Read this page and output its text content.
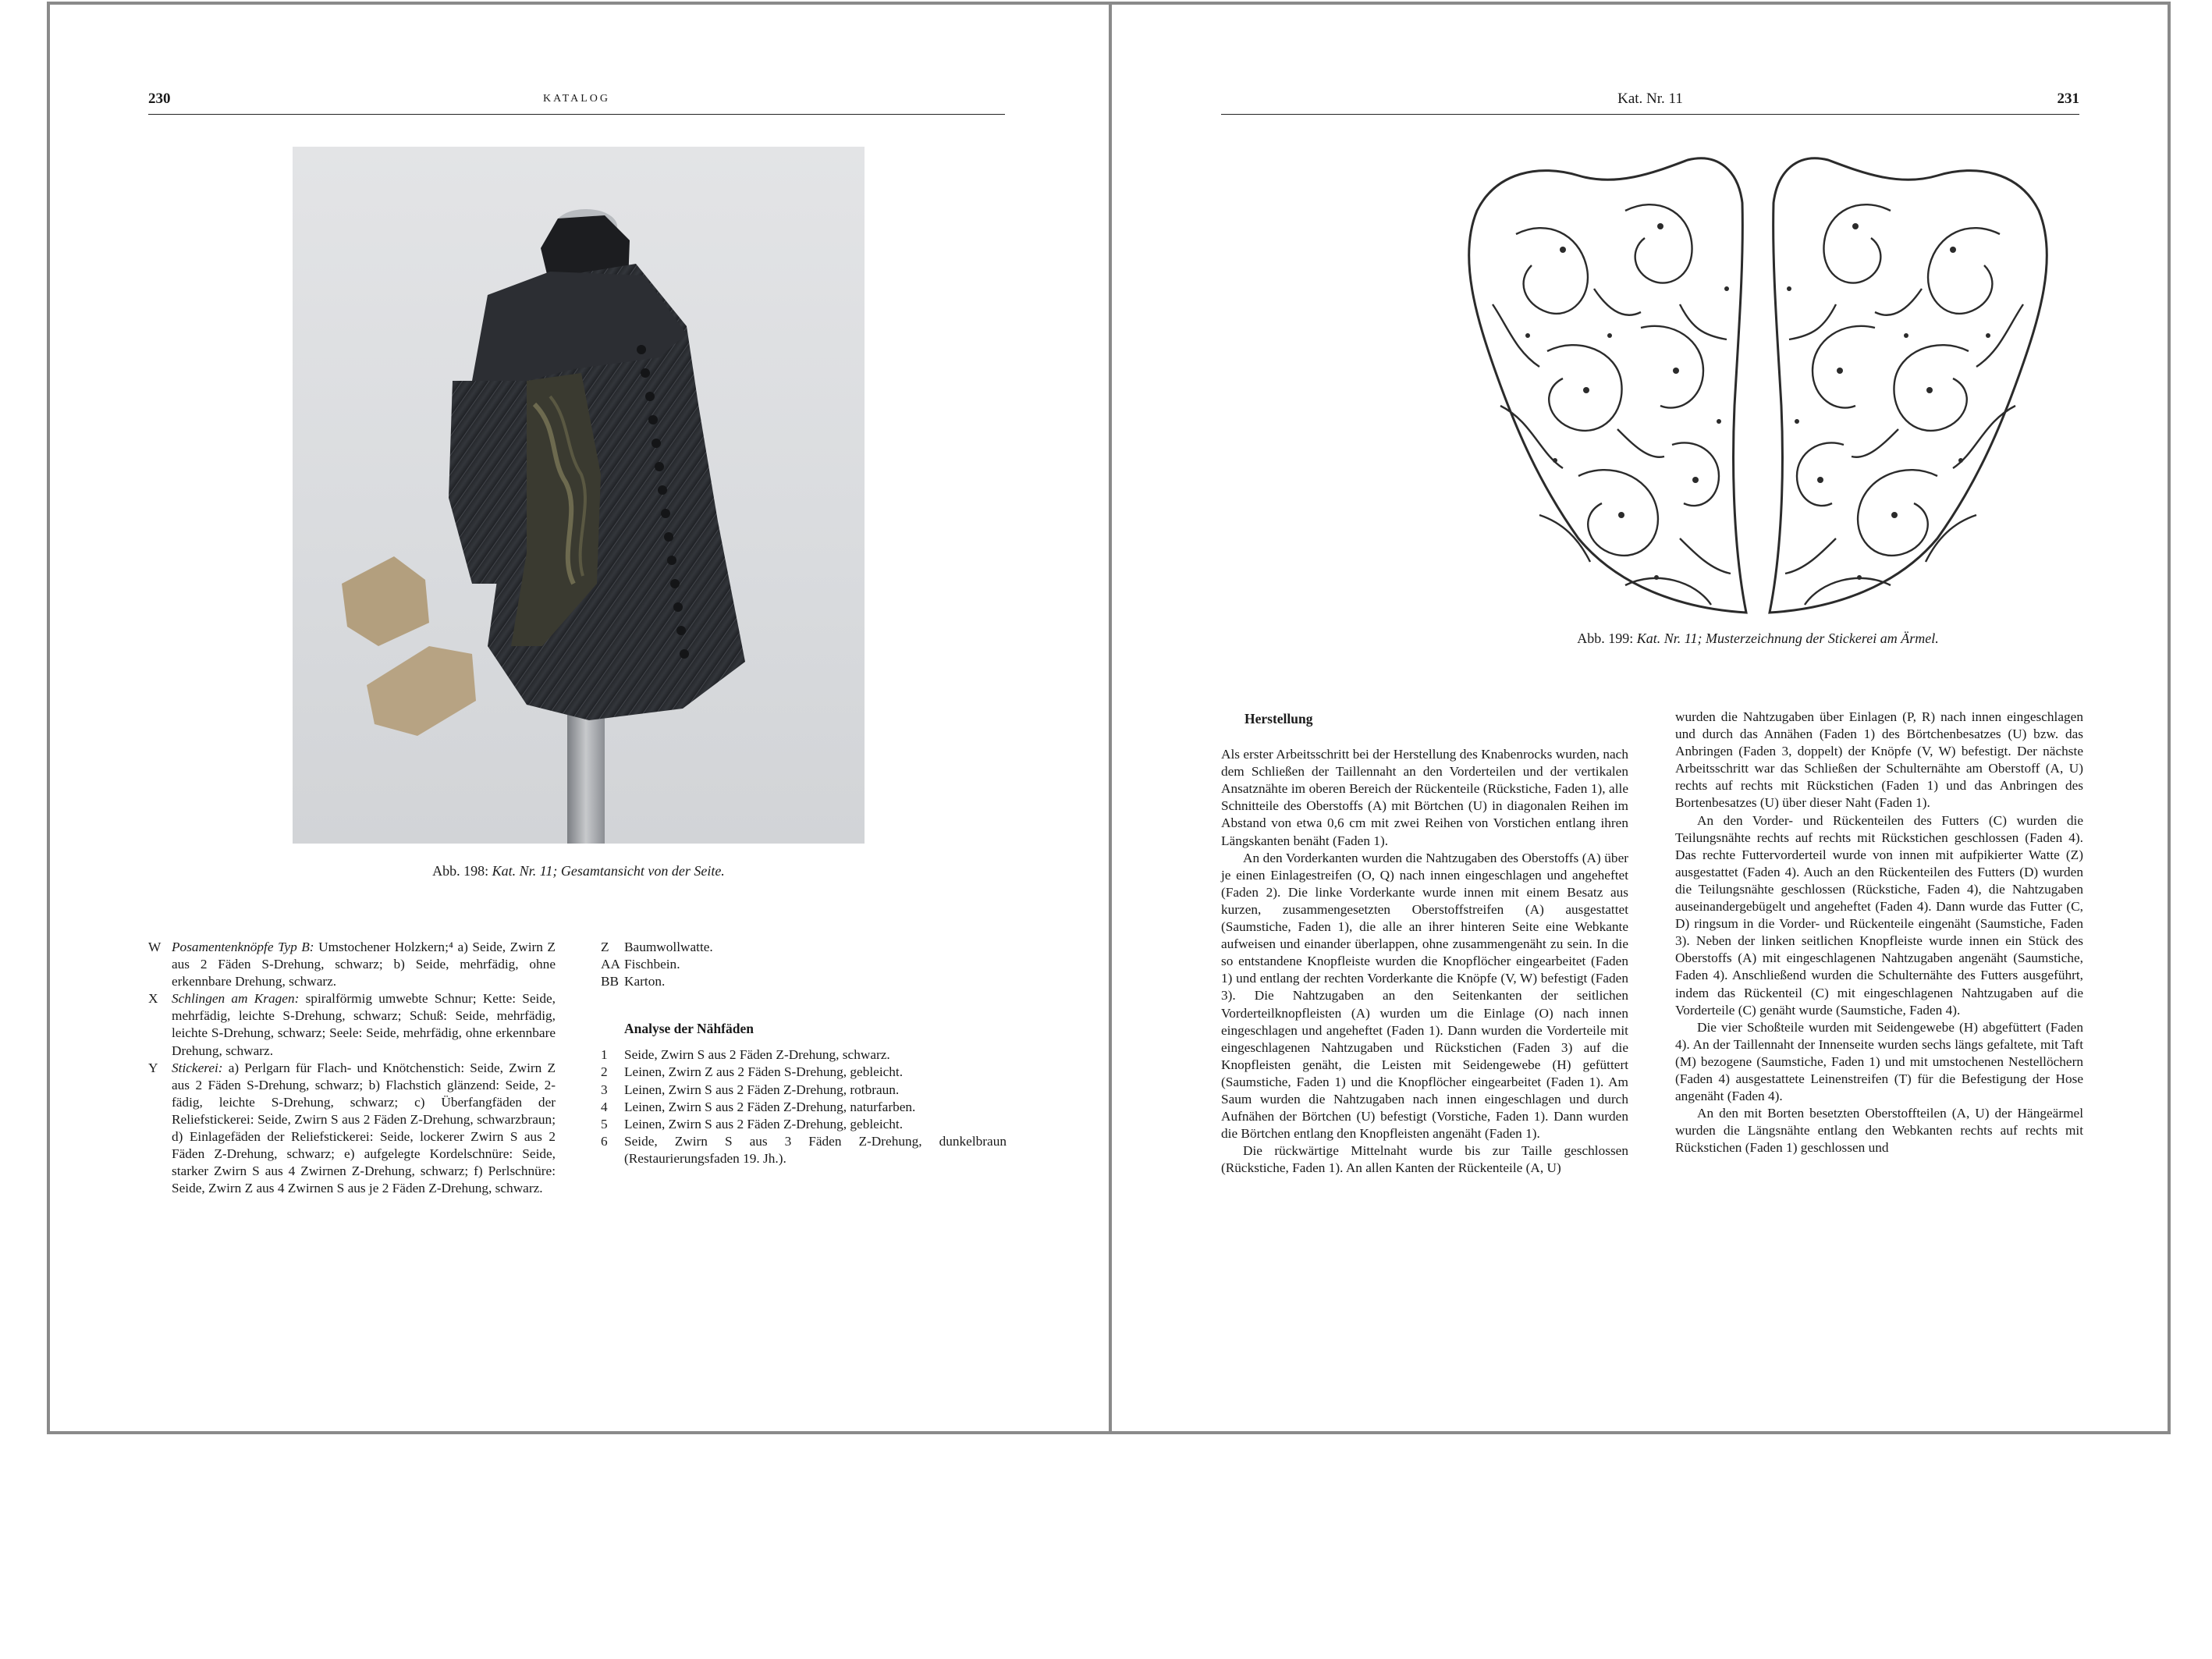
230	KATALOG
Abb. 198: Kat. Nr. 11; Gesamtansicht von der Seite.
W Posamentenknöpfe Typ B: Umstochener Holzkern;⁴ a) Seide, Zwirn Z aus 2 Fäden S-Drehung, schwarz; b) Seide, mehrfädig, ohne erkennbare Drehung, schwarz.

X Schlingen am Kragen: spiralförmig umwebte Schnur; Kette: Seide, mehrfädig, leichte S-Drehung, schwarz; Schuß: Seide, mehrfädig, leichte S-Drehung, schwarz; Seele: Seide, mehrfädig, ohne erkennbare Drehung, schwarz.

Y Stickerei: a) Perlgarn für Flach- und Knötchenstich: Seide, Zwirn Z aus 2 Fäden S-Drehung, schwarz; b) Flachstich glänzend: Seide, 2-fädig, leichte S-Drehung, schwarz; c) Überfangfäden der Reliefstickerei: Seide, Zwirn S aus 2 Fäden Z-Drehung, schwarzbraun; d) Einlagefäden der Reliefstickerei: Seide, lockerer Zwirn S aus 2 Fäden Z-Drehung, schwarz; e) aufgelegte Kordelschnüre: Seide, starker Zwirn S aus 4 Zwirnen Z-Drehung, schwarz; f) Perlschnüre: Seide, Zwirn Z aus 4 Zwirnen S aus je 2 Fäden Z-Drehung, schwarz.

Z Baumwollwatte.

AA Fischbein.

BB Karton.

Analyse der Nähfäden

1 Seide, Zwirn S aus 2 Fäden Z-Drehung, schwarz.

2 Leinen, Zwirn Z aus 2 Fäden S-Drehung, gebleicht.

3 Leinen, Zwirn S aus 2 Fäden Z-Drehung, rotbraun.

4 Leinen, Zwirn S aus 2 Fäden Z-Drehung, naturfarben.

5 Leinen, Zwirn S aus 2 Fäden Z-Drehung, gebleicht.

6 Seide, Zwirn S aus 3 Fäden Z-Drehung, dunkelbraun (Restaurierungsfaden 19. Jh.).

Kat. Nr. 11	231
Abb. 199: Kat. Nr. 11; Musterzeichnung der Stickerei am Ärmel.

Herstellung

Als erster Arbeitsschritt bei der Herstellung des Knabenrocks wurden, nach dem Schließen der Taillennaht an den Vorderteilen und der vertikalen Ansatznähte im oberen Bereich der Rückenteile (Rückstiche, Faden 1), alle Schnitteile des Oberstoffs (A) mit Börtchen (U) in diagonalen Reihen im Abstand von etwa 0,6 cm mit zwei Reihen von Vorstichen entlang ihren Längskanten benäht (Faden 1).

An den Vorderkanten wurden die Nahtzugaben des Oberstoffs (A) über je einen Einlagestreifen (O, Q) nach innen eingeschlagen und angeheftet (Faden 2). Die linke Vorderkante wurde innen mit einem Besatz aus kurzen, zusammengesetzten Oberstoffstreifen (A) ausgestattet (Saumstiche, Faden 1), die alle an ihrer hinteren Seite eine Webkante aufweisen und einander überlappen, ohne zusammengenäht zu sein. In die so entstandene Knopfleiste wurden die Knopflöcher eingearbeitet (Faden 1) und entlang der rechten Vorderkante die Knöpfe (V, W) befestigt (Faden 3). Die Nahtzugaben an den Seitenkanten der seitlichen Vorderteilknopfleisten (A) wurden um die Einlage (O) nach innen eingeschlagen und angeheftet (Faden 1). Dann wurden die Vorderteile mit eingeschlagenen Nahtzugaben und Rückstichen (Faden 3) auf die Knopfleisten genäht, die Leisten mit Seidengewebe (H) gefüttert (Saumstiche, Faden 1) und die Knopflöcher eingearbeitet (Faden 1). Am Saum wurden die Nahtzugaben nach innen eingeschlagen und durch Aufnähen der Börtchen (U) befestigt (Vorstiche, Faden 1). Dann wurden die Börtchen entlang den Knopfleisten angenäht (Faden 1).

Die rückwärtige Mittelnaht wurde bis zur Taille geschlossen (Rückstiche, Faden 1). An allen Kanten der Rückenteile (A, U)

wurden die Nahtzugaben über Einlagen (P, R) nach innen eingeschlagen und durch das Annähen (Faden 1) des Börtchenbesatzes (U) bzw. das Anbringen (Faden 3, doppelt) der Knöpfe (V, W) befestigt. Der nächste Arbeitsschritt war das Schließen der Schulternähte am Oberstoff (A, U) rechts auf rechts mit Rückstichen (Faden 1) und das Anbringen des Bortenbesatzes (U) über dieser Naht (Faden 1).

An den Vorder- und Rückenteilen des Futters (C) wurden die Teilungsnähte rechts auf rechts mit Rückstichen geschlossen (Faden 4). Das rechte Futtervorderteil wurde von innen mit aufpikierter Watte (Z) ausgestattet (Faden 4). Auch an den Rückenteilen des Futters (D) wurden die Teilungsnähte geschlossen (Rückstiche, Faden 4), die Nahtzugaben auseinandergebügelt und angeheftet (Faden 4). Dann wurde das Futter (C, D) ringsum in die Vorder- und Rückenteile eingenäht (Saumstiche, Faden 3). Neben der linken seitlichen Knopfleiste wurde innen ein Stück des Oberstoffs (A) mit eingeschlagenen Nahtzugaben angenäht (Saumstiche, Faden 4). Anschließend wurden die Schulternähte des Futters ausgeführt, indem das Rückenteil (C) mit eingeschlagenen Nahtzugaben auf die Vorderteile (C) genäht wurde (Saumstiche, Faden 4).

Die vier Schoßteile wurden mit Seidengewebe (H) abgefüttert (Faden 4). An der Taillennaht der Innenseite wurden sechs längs gefaltete, mit Taft (M) bezogene (Saumstiche, Faden 1) und mit umstochenen Nestellöchern (Faden 4) ausgestattete Leinenstreifen (T) für die Befestigung der Hose angenäht (Faden 4).

An den mit Borten besetzten Oberstoffteilen (A, U) der Hängeärmel wurden die Längsnähte entlang den Webkanten rechts auf rechts mit Rückstichen (Faden 1) geschlossen und
